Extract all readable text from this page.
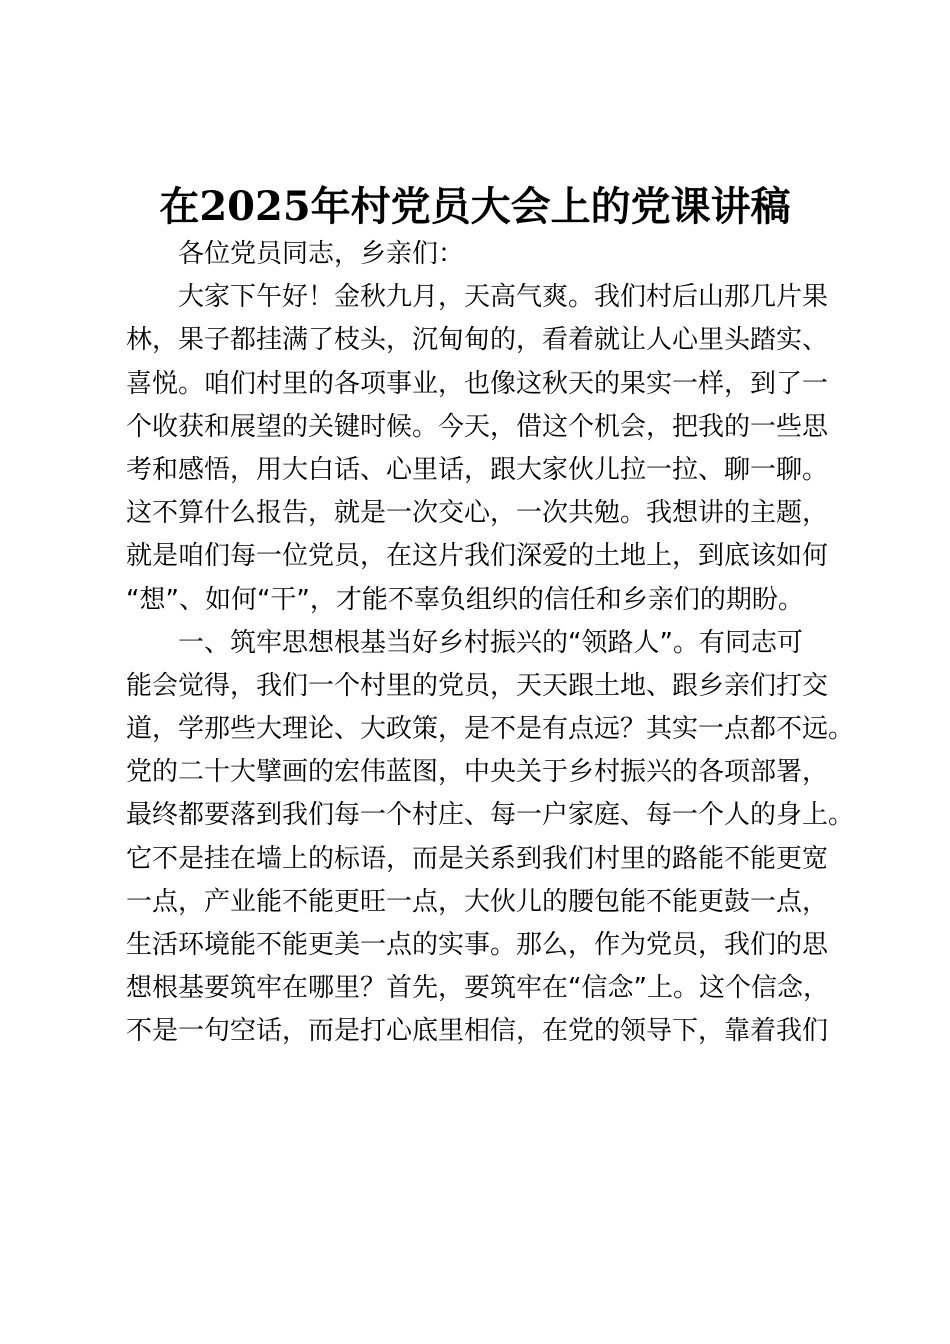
在2025年村党员大会上的党课讲稿
各位党员同志，乡亲们：
大家下午好！金秋九月，天高气爽。我们村后山那几片果
林，果子都挂满了枝头，沉甸甸的，看着就让人心里头踏实、
喜悦。咱们村里的各项事业，也像这秋天的果实一样，到了一
个收获和展望的关键时候。今天，借这个机会，把我的一些思
考和感悟，用大白话、心里话，跟大家伙儿拉一拉、聊一聊。
这不算什么报告，就是一次交心，一次共勉。我想讲的主题，
就是咱们每一位党员，在这片我们深爱的土地上，到底该如何
“想”、如何“干”，才能不辜负组织的信任和乡亲们的期盼。
一、筑牢思想根基当好乡村振兴的“领路人”。有同志可
能会觉得，我们一个村里的党员，天天跟土地、跟乡亲们打交
道，学那些大理论、大政策，是不是有点远？其实一点都不远。
党的二十大擘画的宏伟蓝图，中央关于乡村振兴的各项部署，
最终都要落到我们每一个村庄、每一户家庭、每一个人的身上。
它不是挂在墙上的标语，而是关系到我们村里的路能不能更宽
一点，产业能不能更旺一点，大伙儿的腰包能不能更鼓一点，
生活环境能不能更美一点的实事。那么，作为党员，我们的思
想根基要筑牢在哪里？首先，要筑牢在“信念”上。这个信念，
不是一句空话，而是打心底里相信，在党的领导下，靠着我们
